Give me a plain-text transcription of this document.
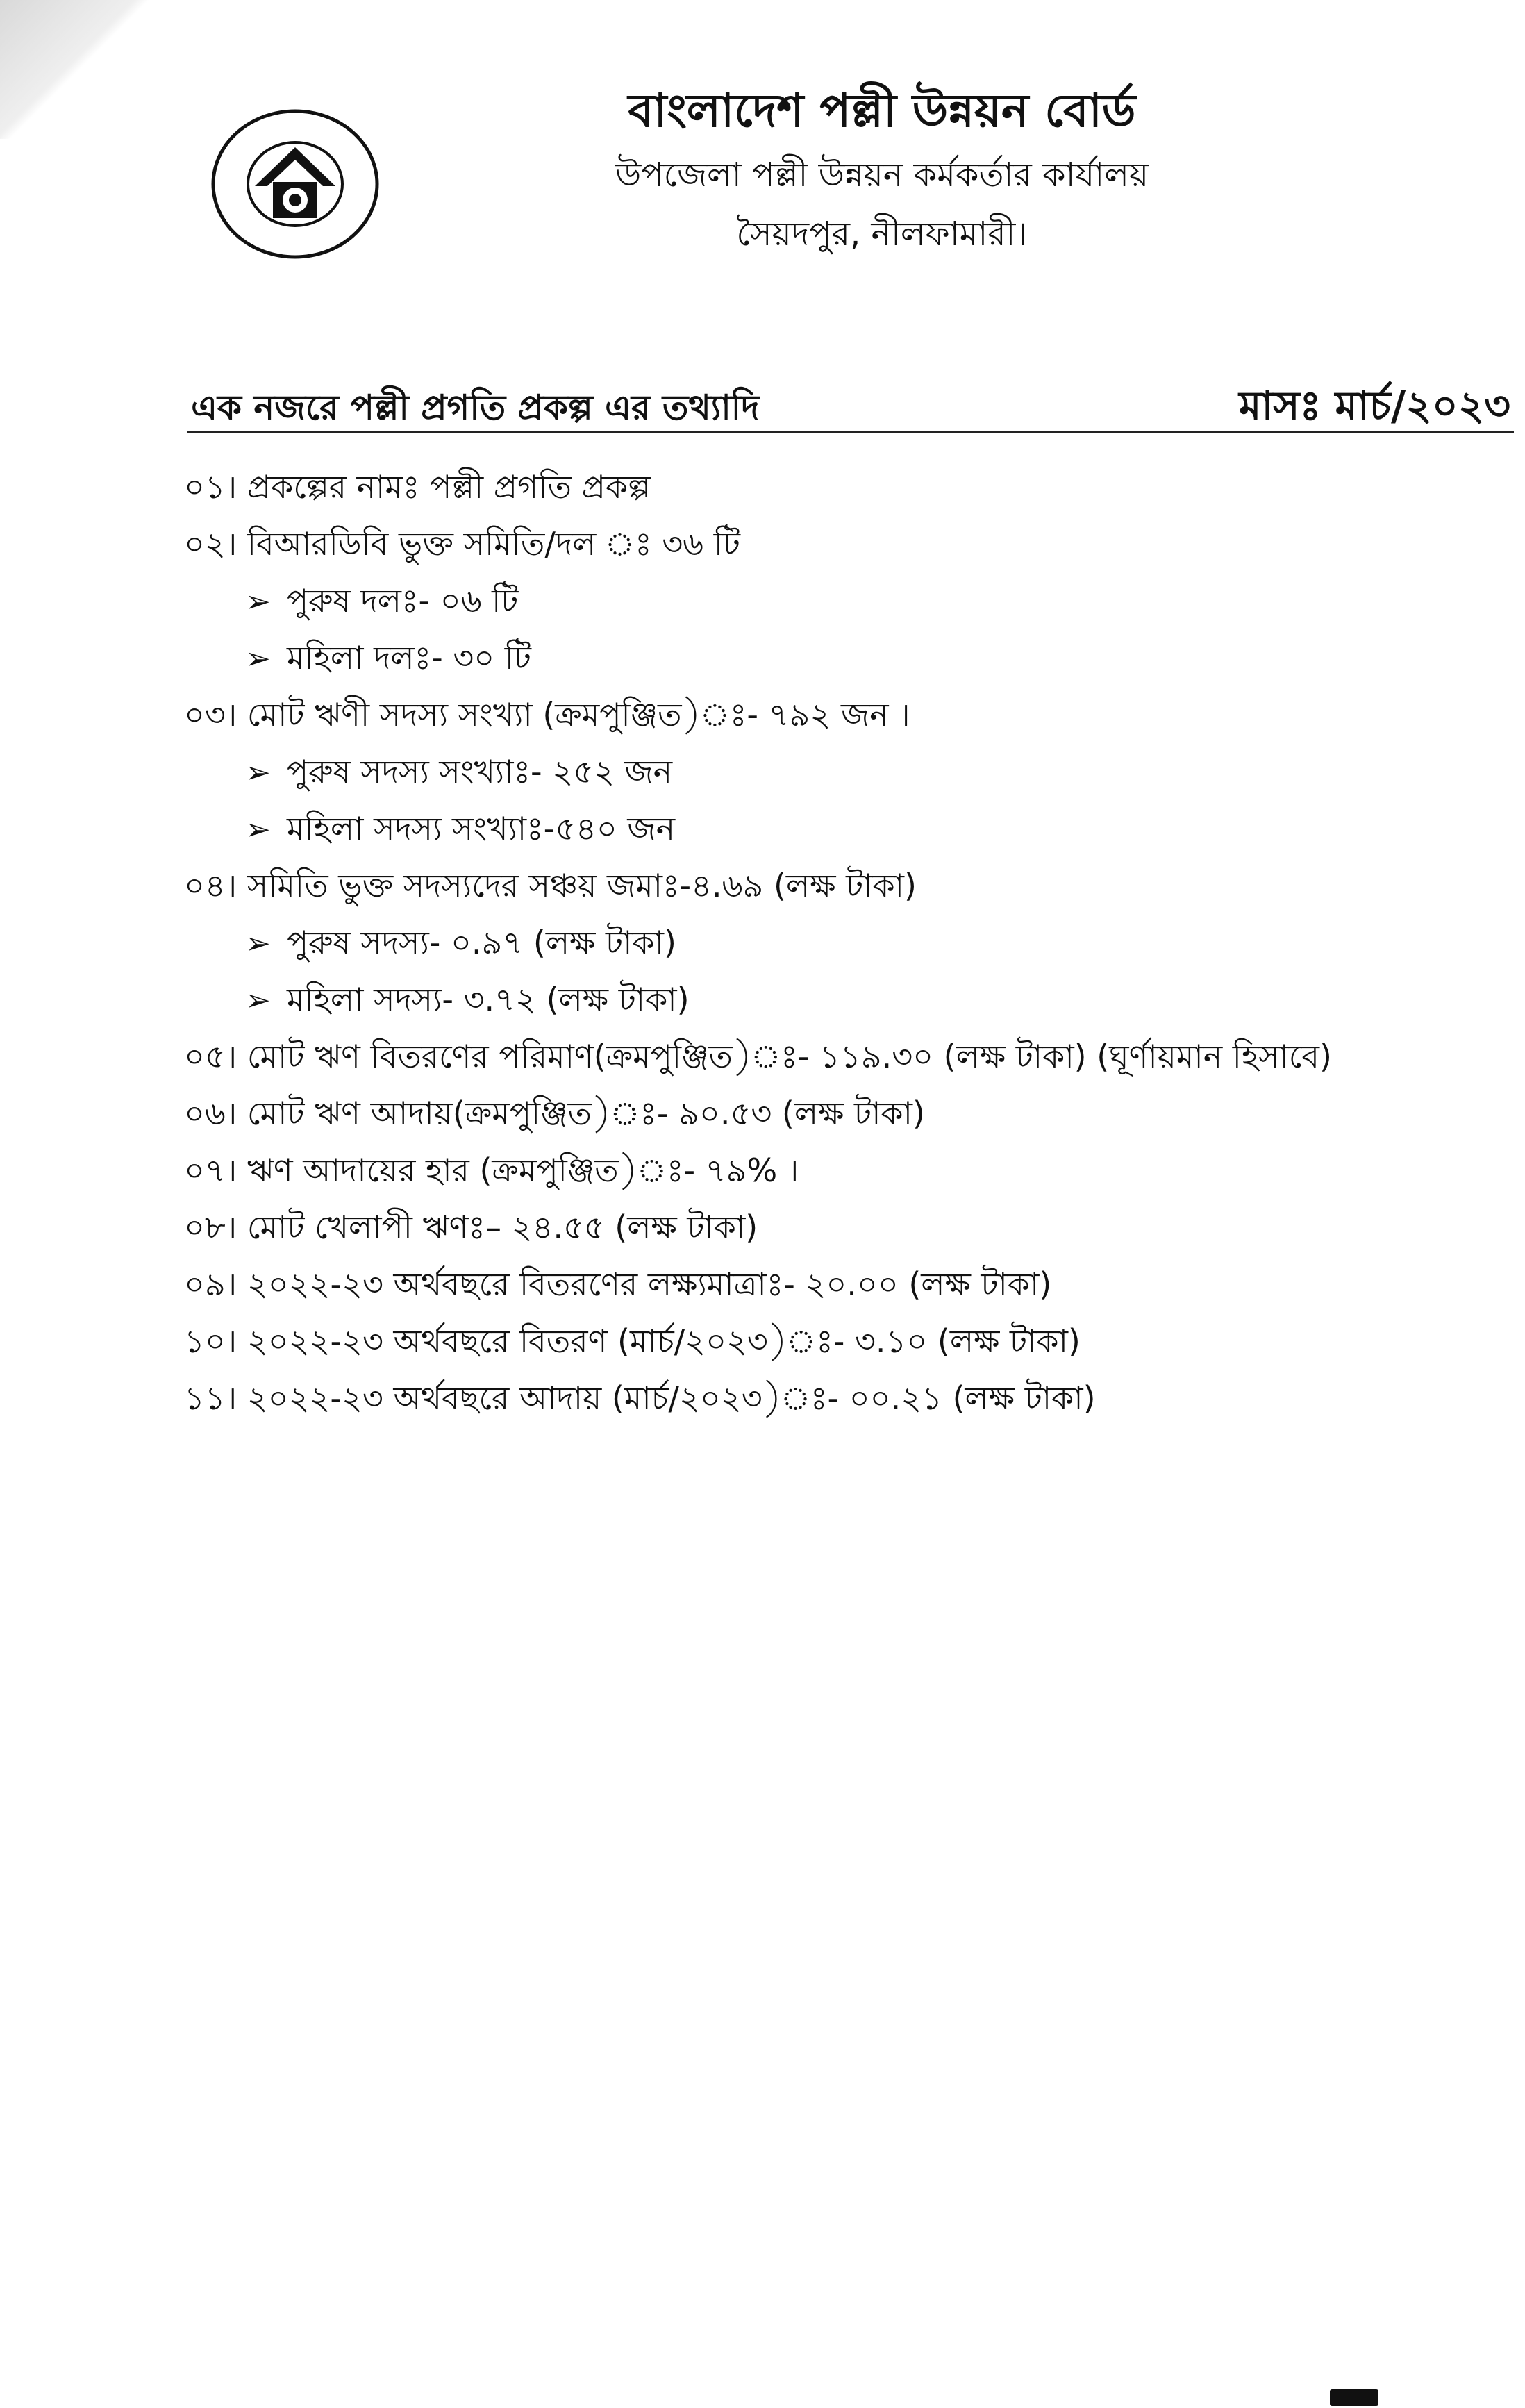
বাংলাদেশ পল্লী উন্নয়ন বোর্ড

উপজেলা পল্লী উন্নয়ন কর্মকর্তার কার্যালয়

সৈয়দপুর, নীলফামারী।

এক নজরে পল্লী প্রগতি প্রকল্প এর তথ্যাদি	মাসঃ মার্চ/২০২৩
০১। প্রকল্পের নামঃ পল্লী প্রগতি প্রকল্প
০২। বিআরডিবি ভুক্ত সমিতি/দল ঃ ৩৬ টি
➢ পুরুষ দলঃ- ০৬ টি
➢ মহিলা দলঃ- ৩০ টি
০৩। মোট ঋণী সদস্য সংখ্যা (ক্রমপুঞ্জিত)ঃ- ৭৯২ জন ।
➢ পুরুষ সদস্য সংখ্যাঃ- ২৫২ জন
➢ মহিলা সদস্য সংখ্যাঃ-৫৪০ জন
০৪। সমিতি ভুক্ত সদস্যদের সঞ্চয় জমাঃ-৪.৬৯ (লক্ষ টাকা)
➢ পুরুষ সদস্য- ০.৯৭ (লক্ষ টাকা)
➢ মহিলা সদস্য- ৩.৭২ (লক্ষ টাকা)
০৫। মোট ঋণ বিতরণের পরিমাণ(ক্রমপুঞ্জিত)ঃ- ১১৯.৩০ (লক্ষ টাকা) (ঘূর্ণায়মান হিসাবে)
০৬। মোট ঋণ আদায়(ক্রমপুঞ্জিত)ঃ- ৯০.৫৩ (লক্ষ টাকা)
০৭। ঋণ আদায়ের হার (ক্রমপুঞ্জিত)ঃ- ৭৯% ।
০৮। মোট খেলাপী ঋণঃ– ২৪.৫৫ (লক্ষ টাকা)
০৯। ২০২২-২৩ অর্থবছরে বিতরণের লক্ষ্যমাত্রাঃ- ২০.০০ (লক্ষ টাকা)
১০। ২০২২-২৩ অর্থবছরে বিতরণ (মার্চ/২০২৩)ঃ- ৩.১০ (লক্ষ টাকা)
১১। ২০২২-২৩ অর্থবছরে আদায় (মার্চ/২০২৩)ঃ- ০০.২১ (লক্ষ টাকা)
